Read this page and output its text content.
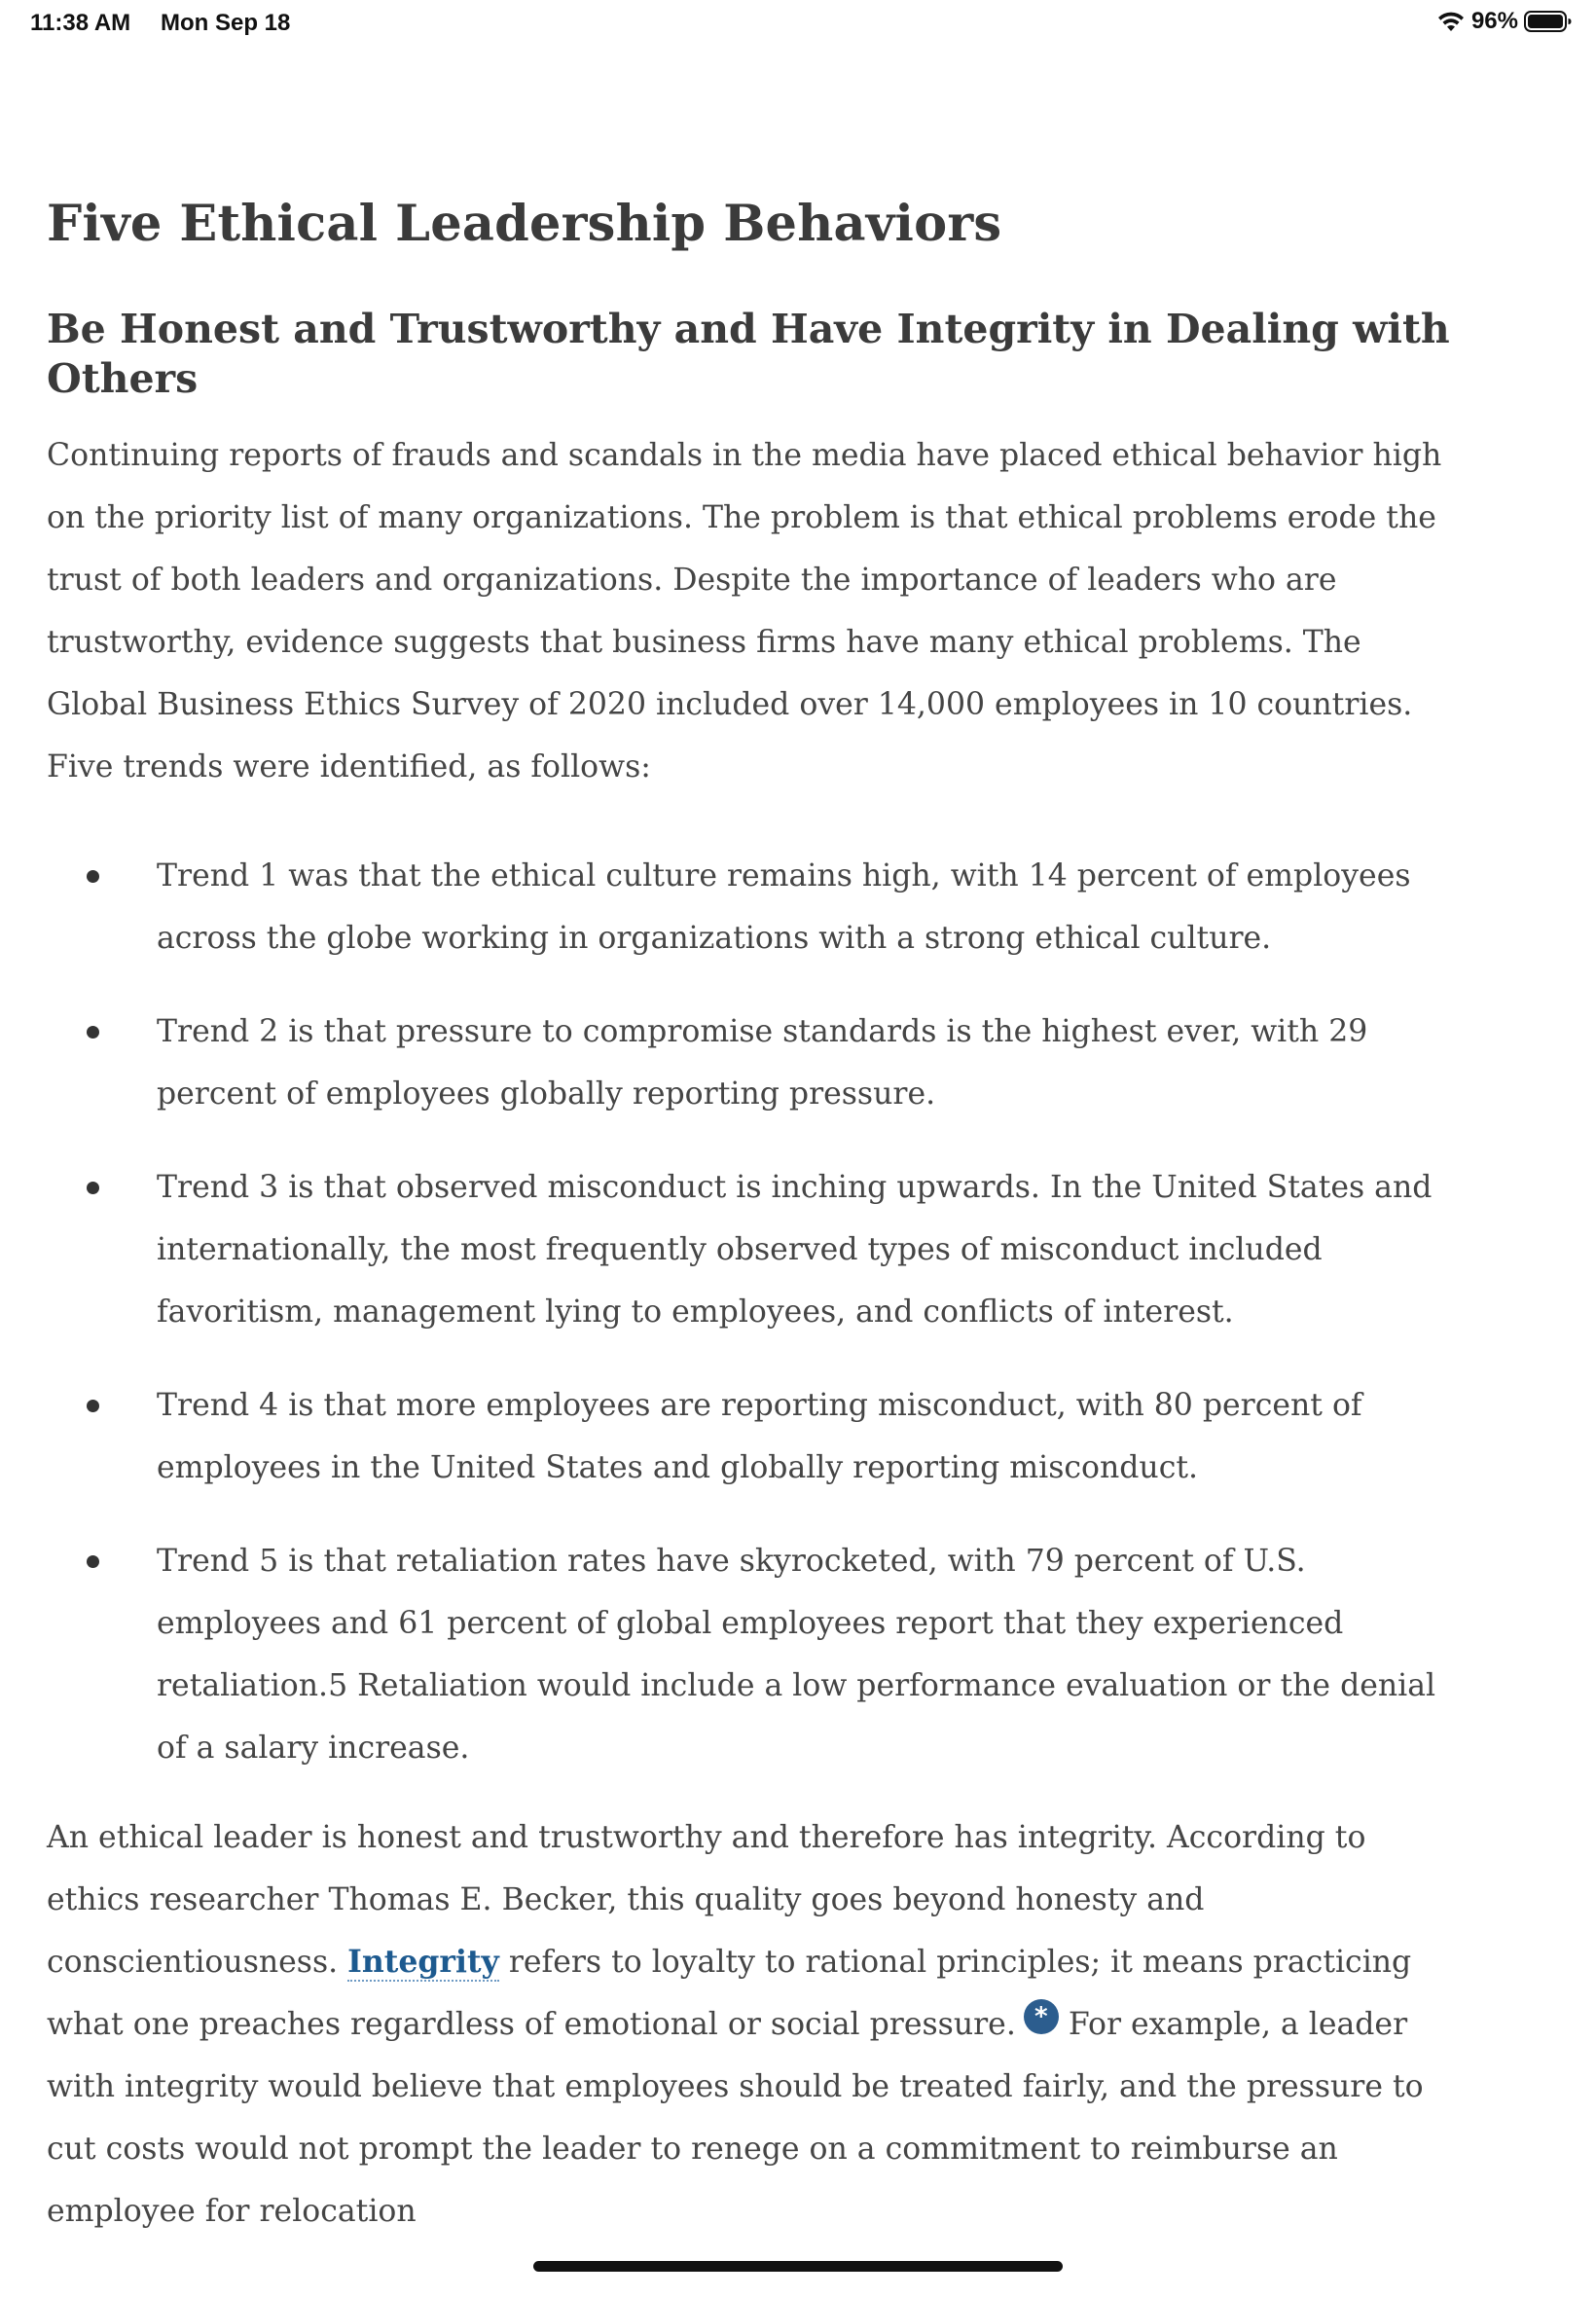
11:38 AM Mon Sep 18	96%
Five Ethical Leadership Behaviors
Be Honest and Trustworthy and Have Integrity in Dealing with Others

Continuing reports of frauds and scandals in the media have placed ethical behavior high on the priority list of many organizations. The problem is that ethical problems erode the trust of both leaders and organizations. Despite the importance of leaders who are trustworthy, evidence suggests that business firms have many ethical problems. The Global Business Ethics Survey of 2020 included over 14,000 employees in 10 countries. Five trends were identified, as follows:

Trend 1 was that the ethical culture remains high, with 14 percent of employees across the globe working in organizations with a strong ethical culture.
Trend 2 is that pressure to compromise standards is the highest ever, with 29 percent of employees globally reporting pressure.
Trend 3 is that observed misconduct is inching upwards. In the United States and internationally, the most frequently observed types of misconduct included favoritism, management lying to employees, and conflicts of interest.
Trend 4 is that more employees are reporting misconduct, with 80 percent of employees in the United States and globally reporting misconduct.
Trend 5 is that retaliation rates have skyrocketed, with 79 percent of U.S. employees and 61 percent of global employees report that they experienced retaliation.5 Retaliation would include a low performance evaluation or the denial of a salary increase.

An ethical leader is honest and trustworthy and therefore has integrity. According to ethics researcher Thomas E. Becker, this quality goes beyond honesty and conscientiousness. Integrity refers to loyalty to rational principles; it means practicing what one preaches regardless of emotional or social pressure. * For example, a leader with integrity would believe that employees should be treated fairly, and the pressure to cut costs would not prompt the leader to renege on a commitment to reimburse an employee for relocation
